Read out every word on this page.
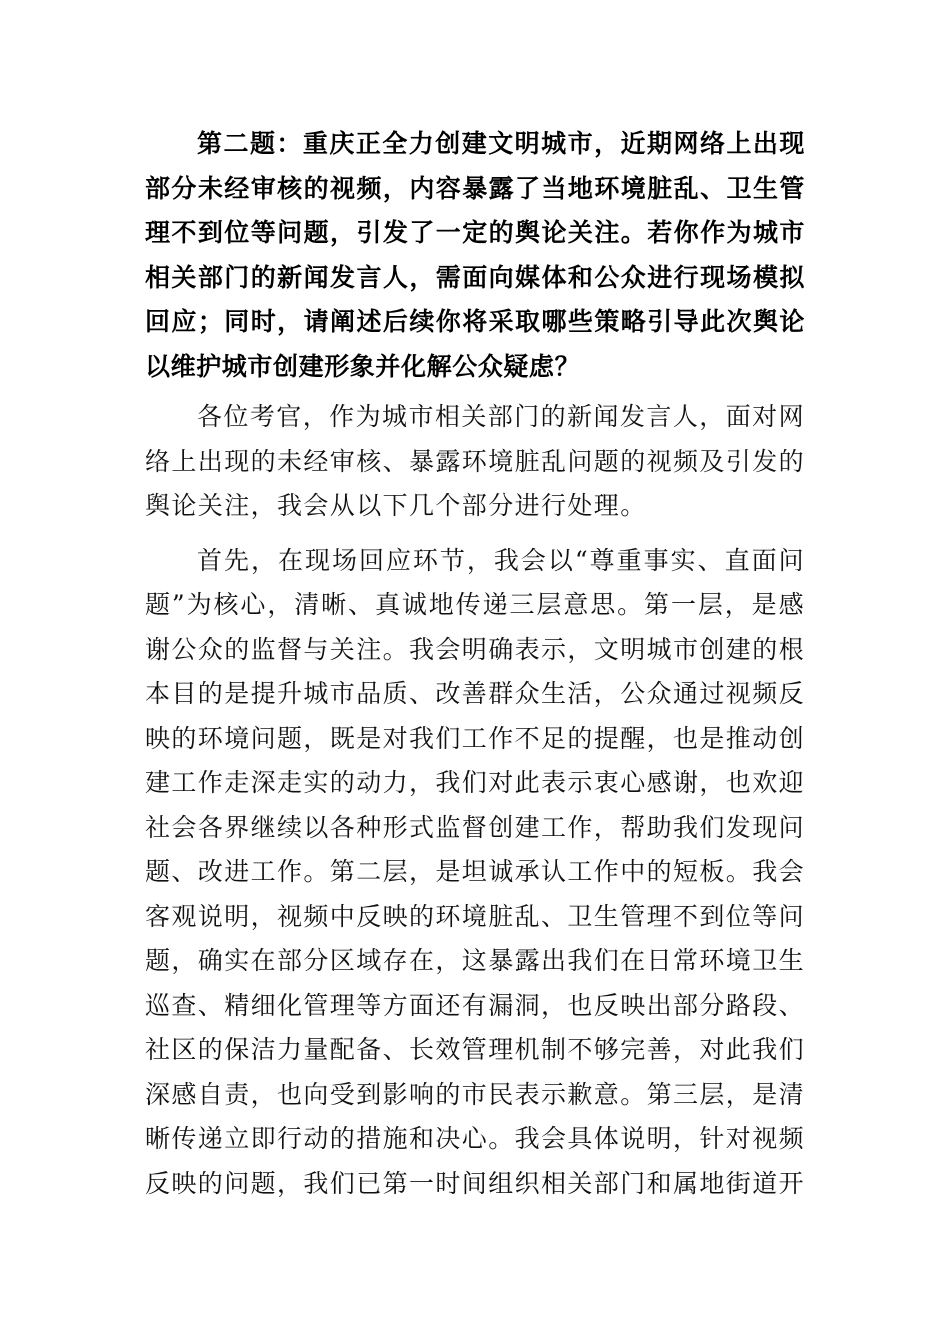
第二题：重庆正全力创建文明城市，近期网络上出现部分未经审核的视频，内容暴露了当地环境脏乱、卫生管理不到位等问题，引发了一定的舆论关注。若你作为城市相关部门的新闻发言人，需面向媒体和公众进行现场模拟回应；同时，请阐述后续你将采取哪些策略引导此次舆论以维护城市创建形象并化解公众疑虑？

各位考官，作为城市相关部门的新闻发言人，面对网络上出现的未经审核、暴露环境脏乱问题的视频及引发的舆论关注，我会从以下几个部分进行处理。

首先，在现场回应环节，我会以“尊重事实、直面问题”为核心，清晰、真诚地传递三层意思。第一层，是感谢公众的监督与关注。我会明确表示，文明城市创建的根本目的是提升城市品质、改善群众生活，公众通过视频反映的环境问题，既是对我们工作不足的提醒，也是推动创建工作走深走实的动力，我们对此表示衷心感谢，也欢迎社会各界继续以各种形式监督创建工作，帮助我们发现问题、改进工作。第二层，是坦诚承认工作中的短板。我会客观说明，视频中反映的环境脏乱、卫生管理不到位等问题，确实在部分区域存在，这暴露出我们在日常环境卫生巡查、精细化管理等方面还有漏洞，也反映出部分路段、社区的保洁力量配备、长效管理机制不够完善，对此我们深感自责，也向受到影响的市民表示歉意。第三层，是清晰传递立即行动的措施和决心。我会具体说明，针对视频反映的问题，我们已第一时间组织相关部门和属地街道开
